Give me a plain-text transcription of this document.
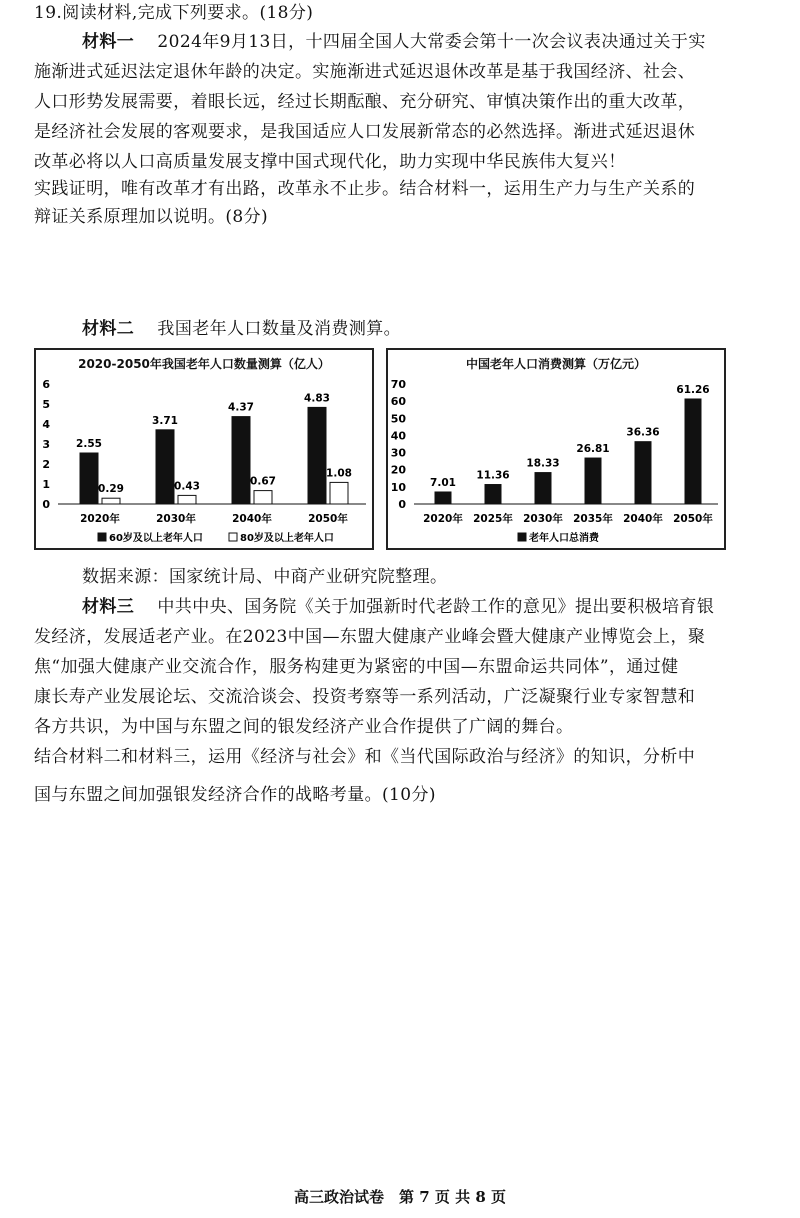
19.阅读材料,完成下列要求。(18分)
材料一　 2024年9月13日，十四届全国人大常委会第十一次会议表决通过关于实
施渐进式延迟法定退休年龄的决定。实施渐进式延迟退休改革是基于我国经济、社会、
人口形势发展需要，着眼长远，经过长期酝酿、充分研究、审慎决策作出的重大改革，
是经济社会发展的客观要求，是我国适应人口发展新常态的必然选择。渐进式延迟退休
改革必将以人口高质量发展支撑中国式现代化，助力实现中华民族伟大复兴！
实践证明，唯有改革才有出路，改革永不止步。结合材料一，运用生产力与生产关系的
辩证关系原理加以说明。(8分)
材料二　 我国老年人口数量及消费测算。
2020-2050年我国老年人口数量测算（亿人）
0
1
2
3
4
5
6
2.55
0.29
2020年
3.71
0.43
2030年
4.37
0.67
2040年
4.83
1.08
2050年
60岁及以上老年人口	80岁及以上老年人口
中国老年人口消费测算（万亿元）
0
10
20
30
40
50
60
70
7.01
2020年
11.36
2025年
18.33
2030年
26.81
2035年
36.36
2040年
61.26
2050年
老年人口总消费
数据来源：国家统计局、中商产业研究院整理。
材料三　 中共中央、国务院《关于加强新时代老龄工作的意见》提出要积极培育银
发经济，发展适老产业。在2023中国—东盟大健康产业峰会暨大健康产业博览会上，聚
焦“加强大健康产业交流合作，服务构建更为紧密的中国—东盟命运共同体”，通过健
康长寿产业发展论坛、交流洽谈会、投资考察等一系列活动，广泛凝聚行业专家智慧和
各方共识，为中国与东盟之间的银发经济产业合作提供了广阔的舞台。
结合材料二和材料三，运用《经济与社会》和《当代国际政治与经济》的知识，分析中
国与东盟之间加强银发经济合作的战略考量。(10分)
高三政治试卷　第 7 页 共 8 页
